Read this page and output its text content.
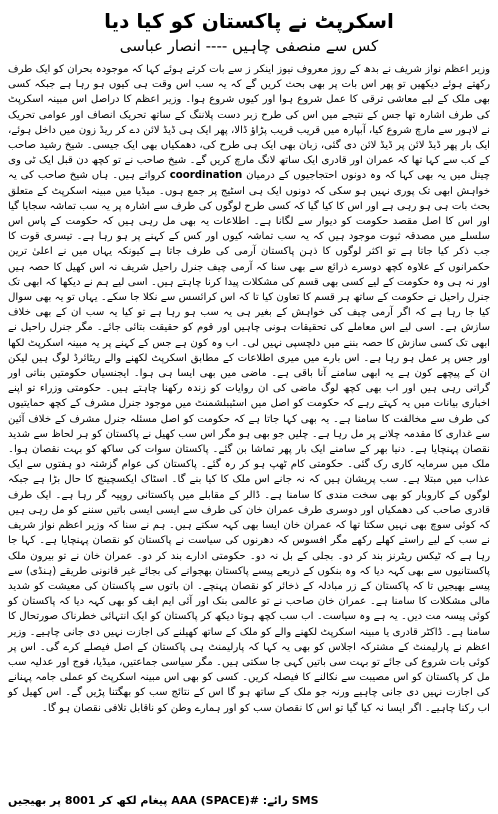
اسکرپٹ نے پاکستان کو کیا دیا
کس سے منصفی چاہیں ---- انصار عباسی

وزیر اعظم نواز شریف نے بدھ کے روز معروف نیوز اینکر ز سے بات کرتے ہوئے کہا کہ موجودہ بحران کو ایک طرف رکھتے ہوئے دیکھیں تو پھر اس بات پر بھی بحث کریں گے کہ یہ سب اس وقت ہی کیوں ہو رہا ہے جبکہ کسی بھی ملک کے لیے معاشی ترقی کا عمل شروع ہوا اور کیوں شروع ہوا۔ وزیر اعظم کا دراصل اس مبینہ اسکرپٹ کی طرف اشارہ تھا جس کے نتیجے میں اس کی طرح زبر دست پلاننگ کے ساتھ تحریک انصاف اور عوامی تحریک نے لاہور سے مارچ شروع کیا، آبپارہ میں قریب قریب پڑاؤ ڈالا، پھر ایک ہی ڈیڈ لائن دے کر ریڈ زون میں داخل ہوئے، ایک بار پھر ڈیڈ لائن پر ڈیڈ لائن دی گئی، زبان بھی ایک ہی طرح کی، دھمکیاں بھی ایک جیسی۔ شیخ رشید صاحب کے کب سے کہا تھا کہ عمران اور قادری ایک ساتھ لانگ مارچ کریں گے۔ شیخ صاحب نے تو کچھ دن قبل ایک ٹی وی چینل میں یہ بھی کہا کہ وہ دونوں احتجاجیوں کے درمیان coordination کرواتے ہیں۔ ہاں شیخ صاحب کی یہ خواہش ابھی تک پوری نہیں ہو سکی کہ دونوں ایک ہی اسٹیج پر جمع ہوں۔ میڈیا میں مبینہ اسکرپٹ کے متعلق بحث بات ہی ہو رہی ہے اور اس کا کیا گیا کہ کسی طرح لوگوں کی طرف سے اشارہ پر یہ سب تماشہ سجایا گیا اور اس کا اصل مقصد حکومت کو دیوار سے لگانا ہے۔ اطلاعات یہ بھی مل رہی ہیں کہ حکومت کے پاس اس سلسلے میں مصدقہ ثبوت موجود ہیں کہ یہ سب تماشہ کیوں اور کس کے کہنے پر ہو رہا ہے۔ تیسری قوت کا جب ذکر کیا جاتا ہے تو اکثر لوگوں کا ذہن پاکستان آرمی کی طرف جاتا ہے کیونکہ یہاں میں نے اعلیٰ ترین حکمرانوں کے علاوہ کچھ دوسرے ذرائع سے بھی سنا کہ آرمی چیف جنرل راحیل شریف نہ اس کھیل کا حصہ ہیں اور نہ ہی وہ حکومت کے لیے کسی بھی قسم کی مشکلات پیدا کرنا چاہتے ہیں۔ اسی لیے ہم نے دیکھا کہ ابھی تک جنرل راحیل نے حکومت کے ساتھ ہر قسم کا تعاون کیا تا کہ اس کرائسس سے نکلا جا سکے۔ یہاں تو یہ بھی سوال کیا جا رہا ہے کہ اگر آرمی چیف کی خواہش کے بغیر ہی یہ سب ہو رہا ہے تو کیا یہ سب ان کے بھی خلاف سازش ہے۔ اسی لیے اس معاملے کی تحقیقات ہونی چاہیں اور قوم کو حقیقت بتائی جائے۔ مگر جنرل راحیل نے ابھی تک کسی سازش کا حصہ بننے میں دلچسپی نہیں لی۔ اب وہ کون ہے جس کے کہنے پر یہ مبینہ اسکرپٹ لکھا اور جس پر عمل ہو رہا ہے۔ اس بارے میں میری اطلاعات کے مطابق اسکرپٹ لکھنے والے ریٹائرڈ لوگ ہیں لیکن ان کے پیچھے کون ہے یہ ابھی سامنے آنا باقی ہے۔ ماضی میں بھی ایسا ہی ہوا۔ ایجنسیاں حکومتیں بناتی اور گراتی رہی ہیں اور اب بھی کچھ لوگ ماضی کی ان روایات کو زندہ رکھنا چاہتے ہیں۔ حکومتی وزراء تو اپنے اخباری بیانات میں یہ کہتے رہے کہ حکومت کو اصل میں اسٹیبلشمنٹ میں موجود جنرل مشرف کے کچھ حمایتیوں کی طرف سے مخالفت کا سامنا ہے۔ یہ بھی کہا جاتا ہے کہ حکومت کو اصل مسئلہ جنرل مشرف کے خلاف آئین سے غداری کا مقدمہ چلانے پر مل رہا ہے۔ چلیں جو بھی ہو مگر اس سب کھیل نے پاکستان کو ہر لحاظ سے شدید نقصان پہنچایا ہے۔ دنیا بھر کے سامنے ایک بار پھر تماشا بن گئے۔ پاکستان سوات کی ساکھ کو بہت نقصان ہوا۔ ملک میں سرمایہ کاری رک گئی۔ حکومتی کام ٹھپ ہو کر رہ گئے۔ پاکستان کی عوام گزشتہ دو ہفتوں سے ایک عذاب میں مبتلا ہے۔ سب پریشان ہیں کہ نہ جانے اس ملک کا کیا بنے گا۔ اسٹاک ایکسچینج کا حال بڑا ہے جبکہ لوگوں کے کاروبار کو بھی سخت مندی کا سامنا ہے۔ ڈالر کے مقابلے میں پاکستانی روپیہ گر رہا ہے۔ ایک طرف قادری صاحب کی دھمکیاں اور دوسری طرف عمران خان کی طرف سے ایسی ایسی باتیں سننے کو مل رہی ہیں کہ کوئی سوچ بھی نہیں سکتا تھا کہ عمران خان ایسا بھی کہہ سکتے ہیں۔ ہم نے سنا کہ وزیر اعظم نواز شریف نے سب کے لیے راستے کھلے رکھے مگر افسوس کہ دھرنوں کی سیاست نے پاکستان کو نقصان پہنچایا ہے۔ کہا جا رہا ہے کہ ٹیکس ریٹرنز بند کر دو۔ بجلی کے بل نہ دو۔ حکومتی ادارے بند کر دو۔ عمران خان نے تو بیرون ملک پاکستانیوں سے بھی کہہ دیا کہ وہ بنکوں کے ذریعے پیسے پاکستان بھجوانے کی بجائے غیر قانونی طریقے (ہنڈی) سے پیسے بھیجیں تا کہ پاکستان کے زر مبادلہ کے ذخائر کو نقصان پہنچے۔ ان باتوں سے پاکستان کی معیشت کو شدید مالی مشکلات کا سامنا ہے۔ عمران خان صاحب نے تو عالمی بنک اور آئی ایم ایف کو بھی کہہ دیا کہ پاکستان کو کوئی پیسہ مت دیں۔ یہ ہے وہ سیاست۔ اب سب کچھ ہوتا دیکھ کر پاکستان کو ایک انتہائی خطرناک صورتحال کا سامنا ہے۔ ڈاکٹر قادری یا مبینہ اسکرپٹ لکھنے والے کو ملک کے ساتھ کھیلنے کی اجازت نہیں دی جانی چاہیے۔ وزیر اعظم نے پارلیمنٹ کے مشترکہ اجلاس کو بھی یہ کہا کہ پارلیمنٹ ہی پاکستان کے اصل فیصلے کرے گی۔ اس پر کوئی بات شروع کی جائے تو بہت سی باتیں کہی جا سکتی ہیں۔ مگر سیاسی جماعتیں، میڈیا، فوج اور عدلیہ سب مل کر پاکستان کو اس مصیبت سے نکالنے کا فیصلہ کریں۔ کسی کو بھی اس مبینہ اسکرپٹ کو عملی جامہ پہنانے کی اجازت نہیں دی جانی چاہیے ورنہ جو ملک کے ساتھ ہو گا اس کے نتائج سب کو بھگتنا پڑیں گے۔ اس کھیل کو اب رکنا چاہیے۔ اگر ایسا نہ کیا گیا تو اس کا نقصان سب کو اور ہمارے وطن کو ناقابل تلافی نقصان ہو گا۔

SMS رائے: #AAA (SPACE) پیغام لکھ کر 8001 پر بھیجیں
